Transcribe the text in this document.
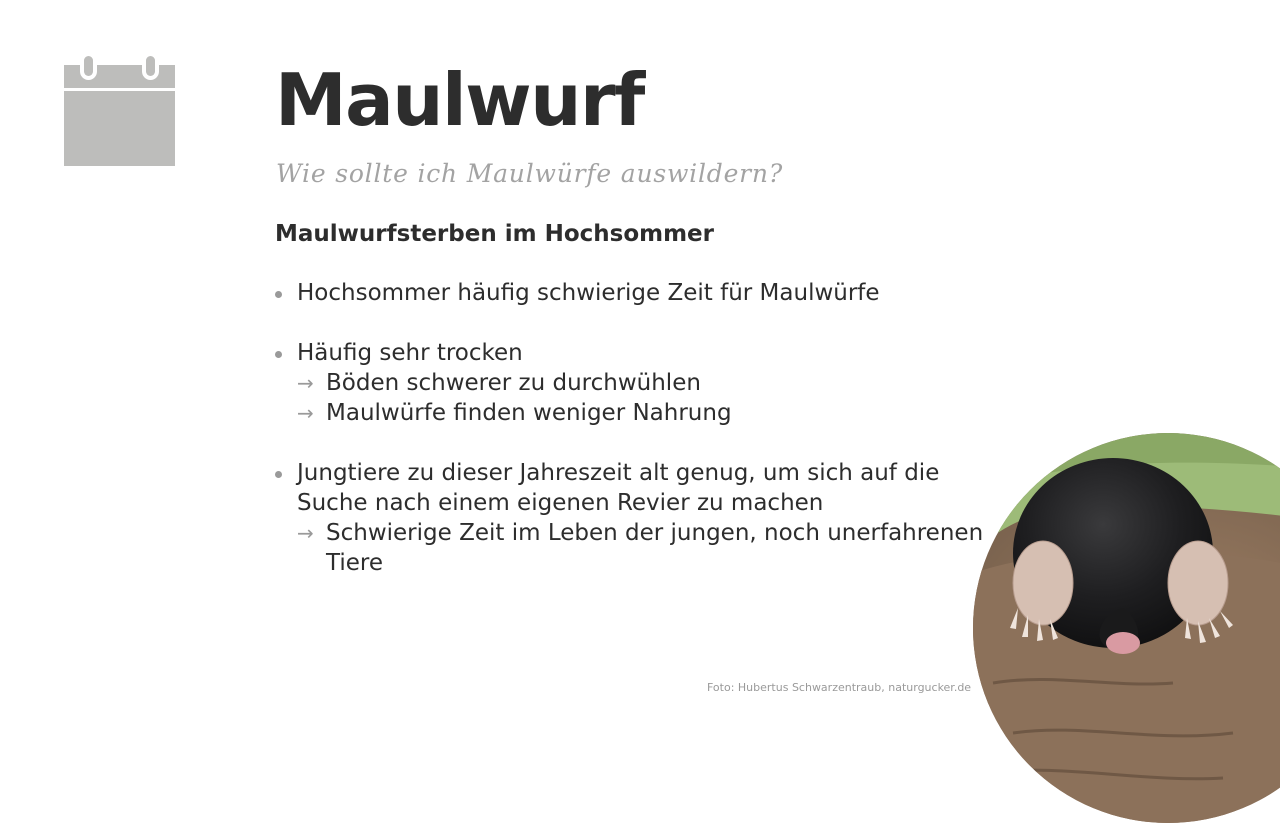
Maulwurf

Wie sollte ich Maulwürfe auswildern?

Maulwurfsterben im Hochsommer
Hochsommer häufig schwierige Zeit für Maulwürfe
Häufig sehr trocken
→ Böden schwerer zu durchwühlen
→ Maulwürfe finden weniger Nahrung
Jungtiere zu dieser Jahreszeit alt genug, um sich auf die Suche nach einem eigenen Revier zu machen
→ Schwierige Zeit im Leben der jungen, noch unerfahrenen Tiere

Foto: Hubertus Schwarzentraub, naturgucker.de
